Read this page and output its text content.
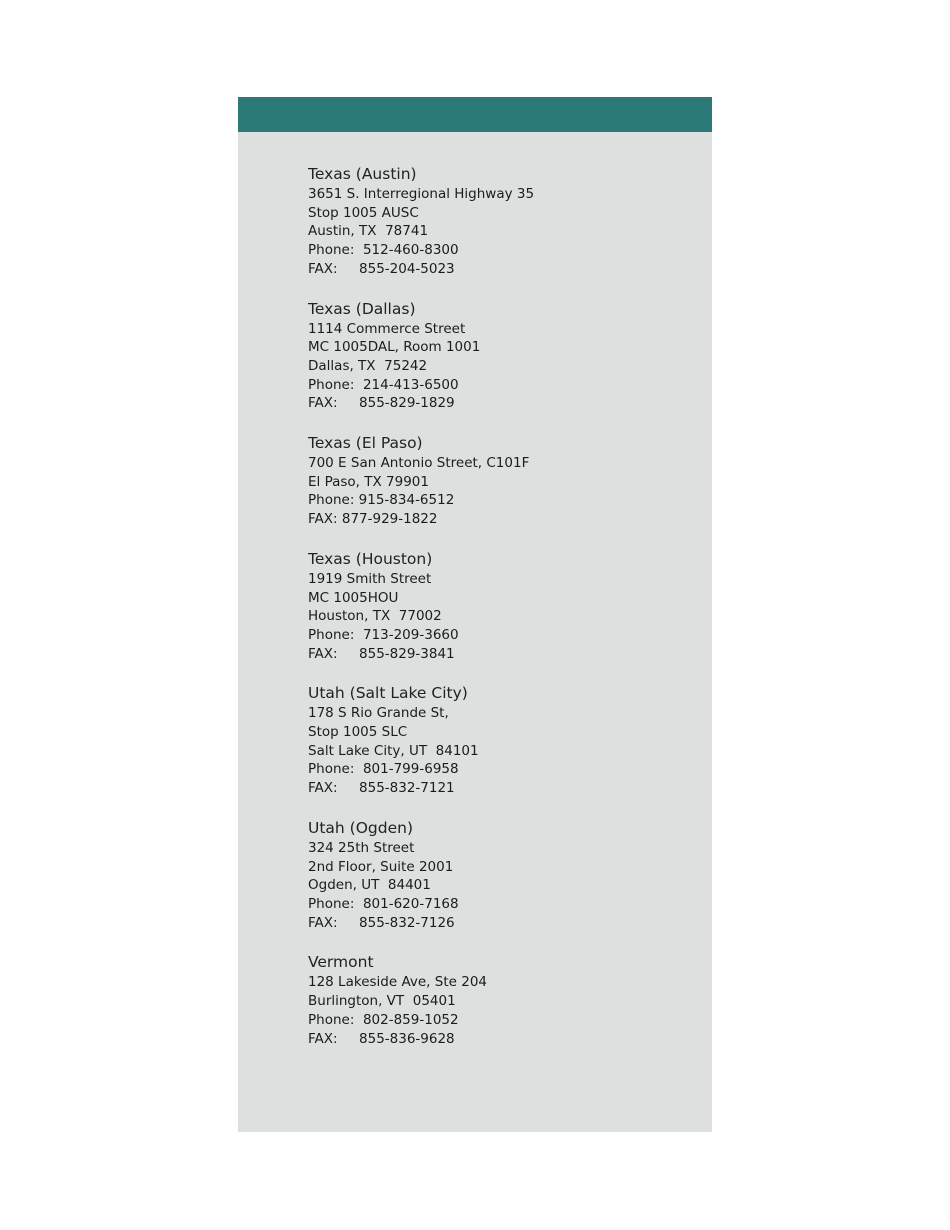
Texas (Austin)
3651 S. Interregional Highway 35
Stop 1005 AUSC
Austin, TX  78741
Phone:  512-460-8300
FAX:     855-204-5023
Texas (Dallas)
1114 Commerce Street
MC 1005DAL, Room 1001
Dallas, TX  75242
Phone:  214-413-6500
FAX:     855-829-1829
Texas (El Paso)
700 E San Antonio Street, C101F
El Paso, TX 79901
Phone: 915-834-6512
FAX: 877-929-1822
Texas (Houston)
1919 Smith Street
MC 1005HOU
Houston, TX  77002
Phone:  713-209-3660
FAX:     855-829-3841
Utah (Salt Lake City)
178 S Rio Grande St,
Stop 1005 SLC
Salt Lake City, UT  84101
Phone:  801-799-6958
FAX:     855-832-7121
Utah (Ogden)
324 25th Street
2nd Floor, Suite 2001
Ogden, UT  84401
Phone:  801-620-7168
FAX:     855-832-7126
Vermont
128 Lakeside Ave, Ste 204
Burlington, VT  05401
Phone:  802-859-1052
FAX:     855-836-9628
